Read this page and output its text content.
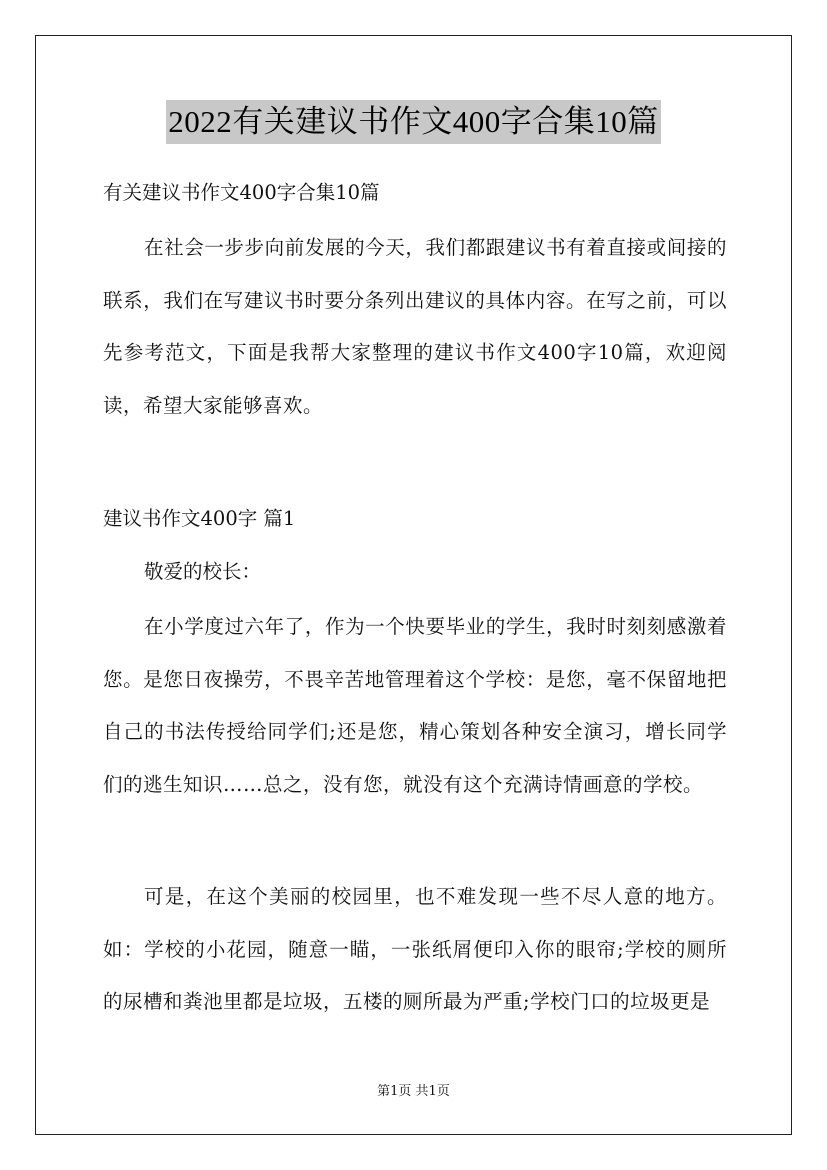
2022有关建议书作文400字合集10篇

有关建议书作文400字合集10篇

在社会一步步向前发展的今天，我们都跟建议书有着直接或间接的联系，我们在写建议书时要分条列出建议的具体内容。在写之前，可以先参考范文，下面是我帮大家整理的建议书作文400字10篇，欢迎阅读，希望大家能够喜欢。

建议书作文400字 篇1

敬爱的校长：

在小学度过六年了，作为一个快要毕业的学生，我时时刻刻感激着您。是您日夜操劳，不畏辛苦地管理着这个学校：是您，毫不保留地把自己的书法传授给同学们;还是您，精心策划各种安全演习，增长同学们的逃生知识……总之，没有您，就没有这个充满诗情画意的学校。

可是，在这个美丽的校园里，也不难发现一些不尽人意的地方。如：学校的小花园，随意一瞄，一张纸屑便印入你的眼帘;学校的厕所的尿槽和粪池里都是垃圾，五楼的厕所最为严重;学校门口的垃圾更是

第1页 共1页
